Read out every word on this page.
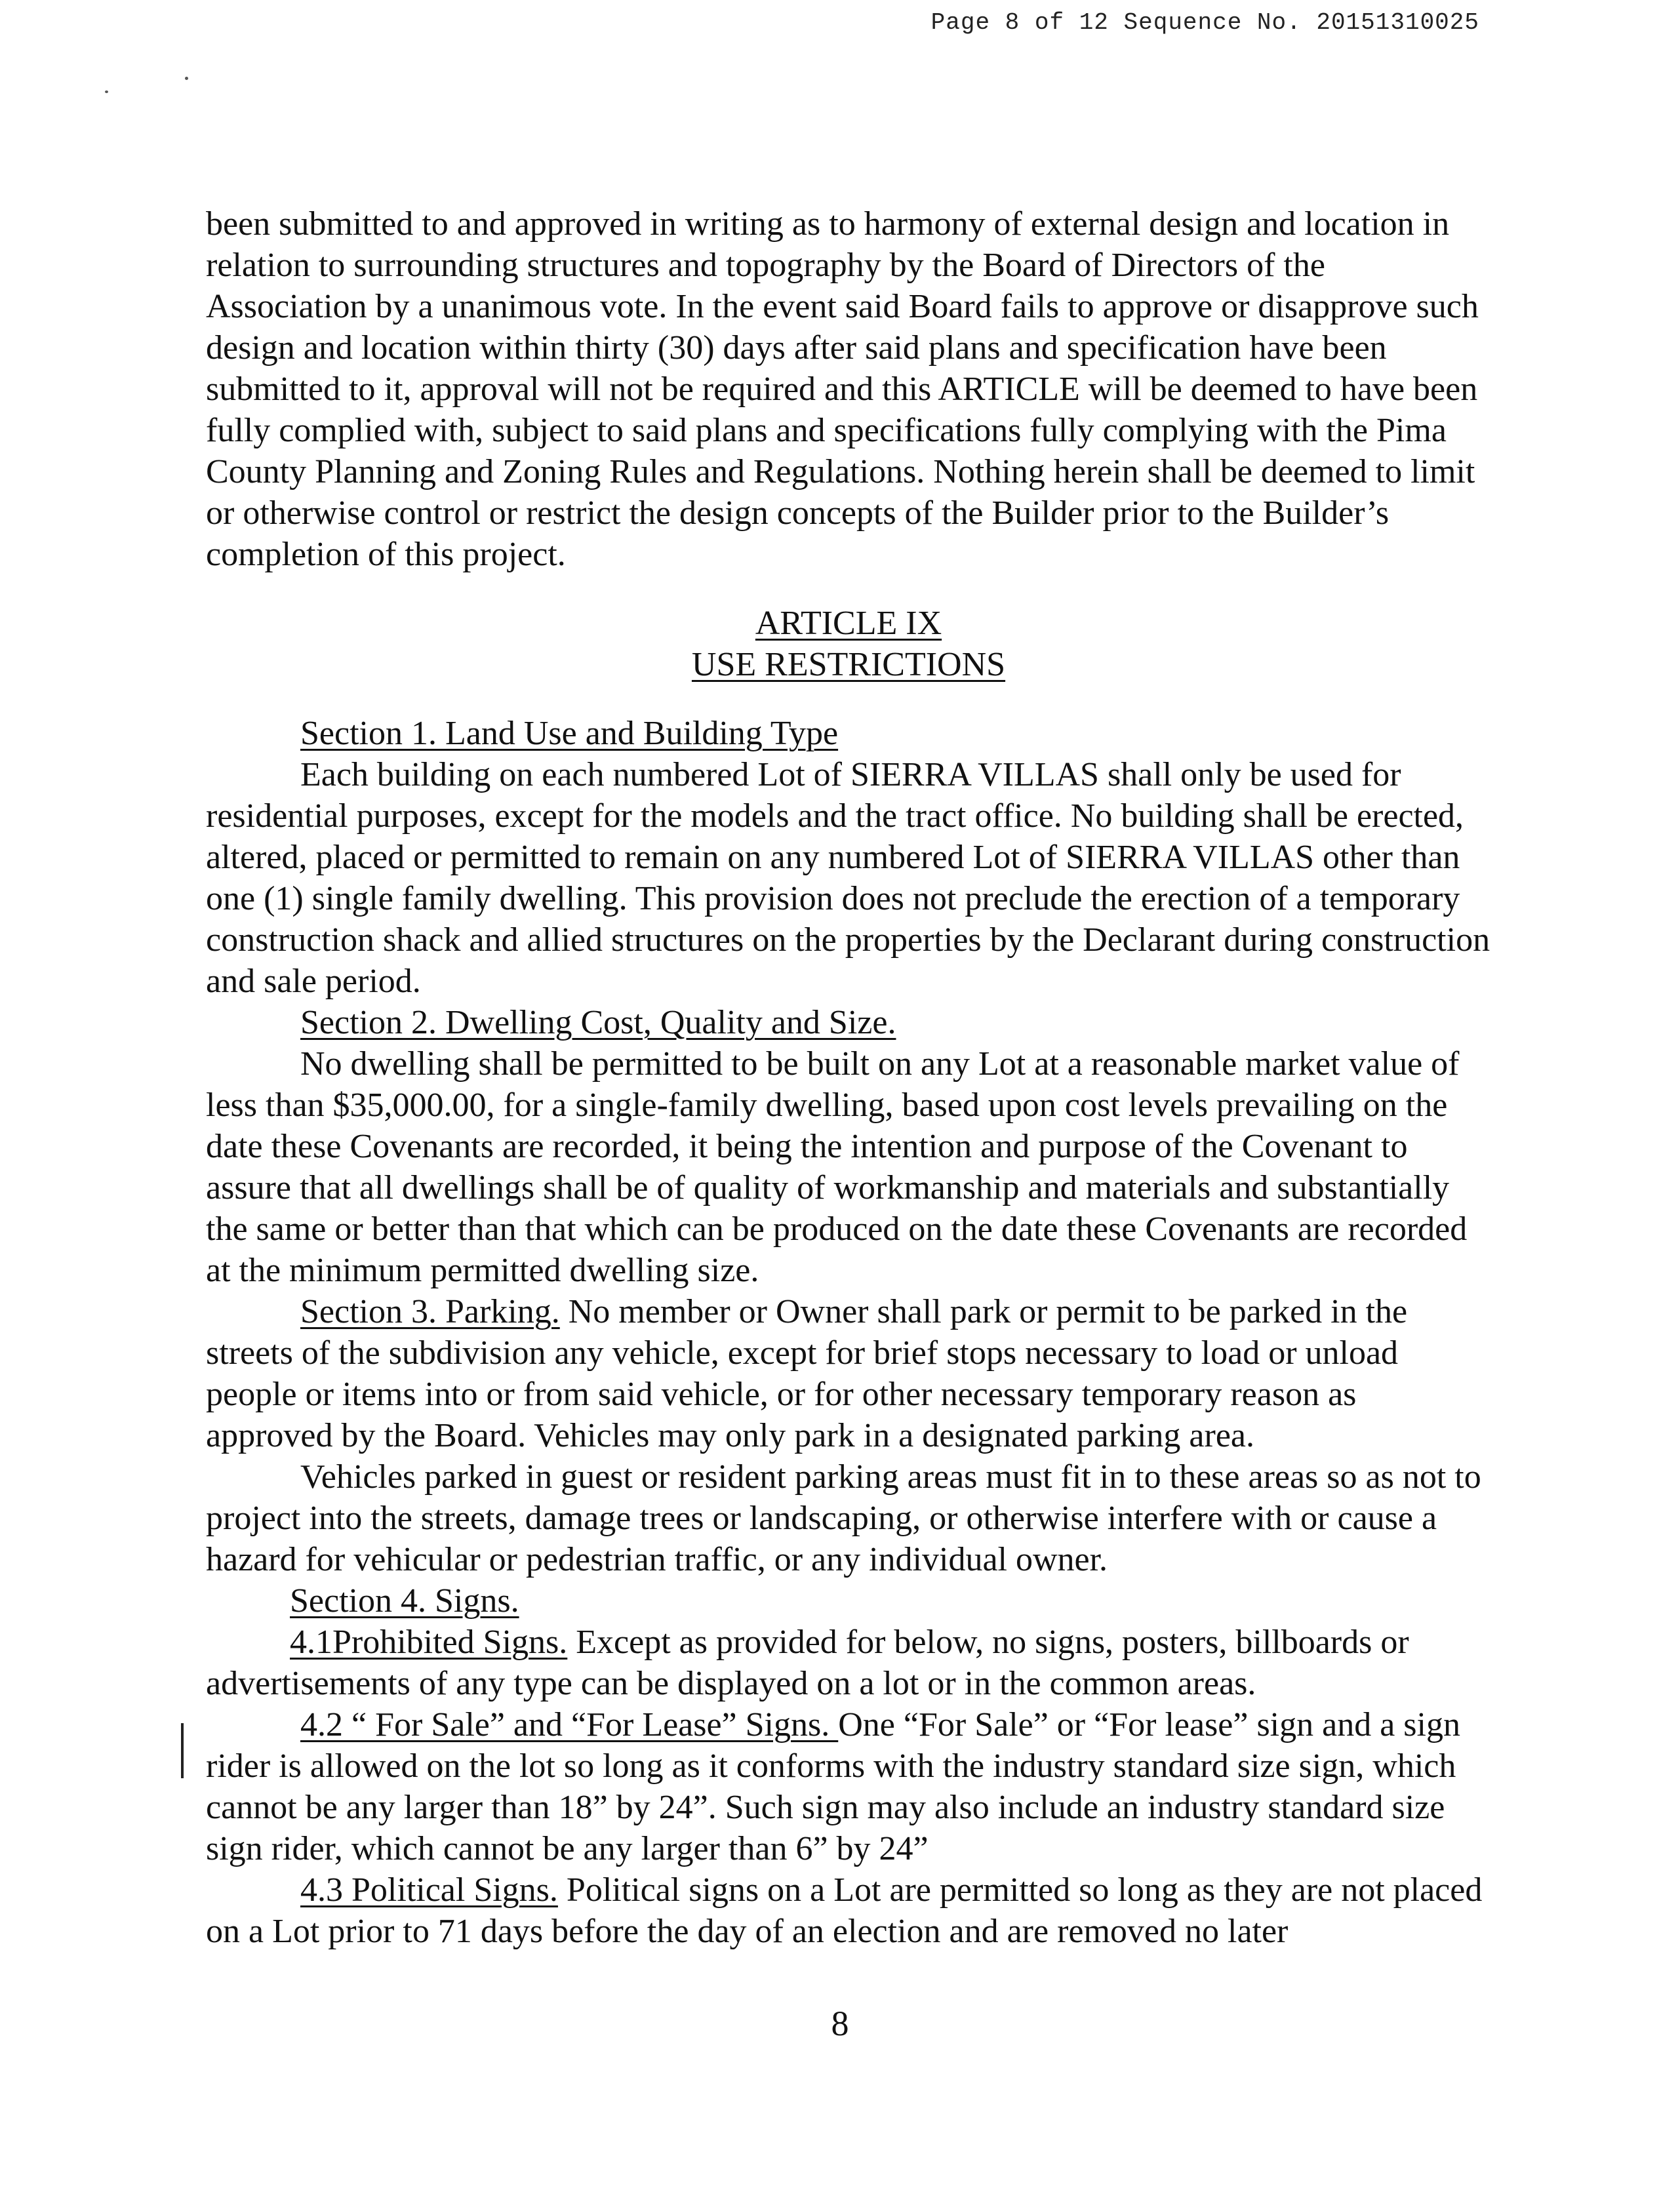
Page 8 of 12 Sequence No. 20151310025

been submitted to and approved in writing as to harmony of external design and location in relation to surrounding structures and topography by the Board of Directors of the Association by a unanimous vote. In the event said Board fails to approve or disapprove such design and location within thirty (30) days after said plans and specification have been submitted to it, approval will not be required and this ARTICLE will be deemed to have been fully complied with, subject to said plans and specifications fully complying with the Pima County Planning and Zoning Rules and Regulations. Nothing herein shall be deemed to limit or otherwise control or restrict the design concepts of the Builder prior to the Builder’s completion of this project.

ARTICLE IX
USE RESTRICTIONS

Section 1. Land Use and Building Type

Each building on each numbered Lot of SIERRA VILLAS shall only be used for residential purposes, except for the models and the tract office. No building shall be erected, altered, placed or permitted to remain on any numbered Lot of SIERRA VILLAS other than one (1) single family dwelling. This provision does not preclude the erection of a temporary construction shack and allied structures on the properties by the Declarant during construction and sale period.

Section 2. Dwelling Cost, Quality and Size.

No dwelling shall be permitted to be built on any Lot at a reasonable market value of less than $35,000.00, for a single-family dwelling, based upon cost levels prevailing on the date these Covenants are recorded, it being the intention and purpose of the Covenant to assure that all dwellings shall be of quality of workmanship and materials and substantially the same or better than that which can be produced on the date these Covenants are recorded at the minimum permitted dwelling size.

Section 3. Parking. No member or Owner shall park or permit to be parked in the streets of the subdivision any vehicle, except for brief stops necessary to load or unload people or items into or from said vehicle, or for other necessary temporary reason as approved by the Board. Vehicles may only park in a designated parking area.

Vehicles parked in guest or resident parking areas must fit in to these areas so as not to project into the streets, damage trees or landscaping, or otherwise interfere with or cause a hazard for vehicular or pedestrian traffic, or any individual owner.

Section 4. Signs.

4.1Prohibited Signs. Except as provided for below, no signs, posters, billboards or advertisements of any type can be displayed on a lot or in the common areas.

4.2 “ For Sale” and “For Lease” Signs. One “For Sale” or “For lease” sign and a sign rider is allowed on the lot so long as it conforms with the industry standard size sign, which cannot be any larger than 18” by 24”. Such sign may also include an industry standard size sign rider, which cannot be any larger than 6” by 24”

4.3 Political Signs. Political signs on a Lot are permitted so long as they are not placed on a Lot prior to 71 days before the day of an election and are removed no later

8
